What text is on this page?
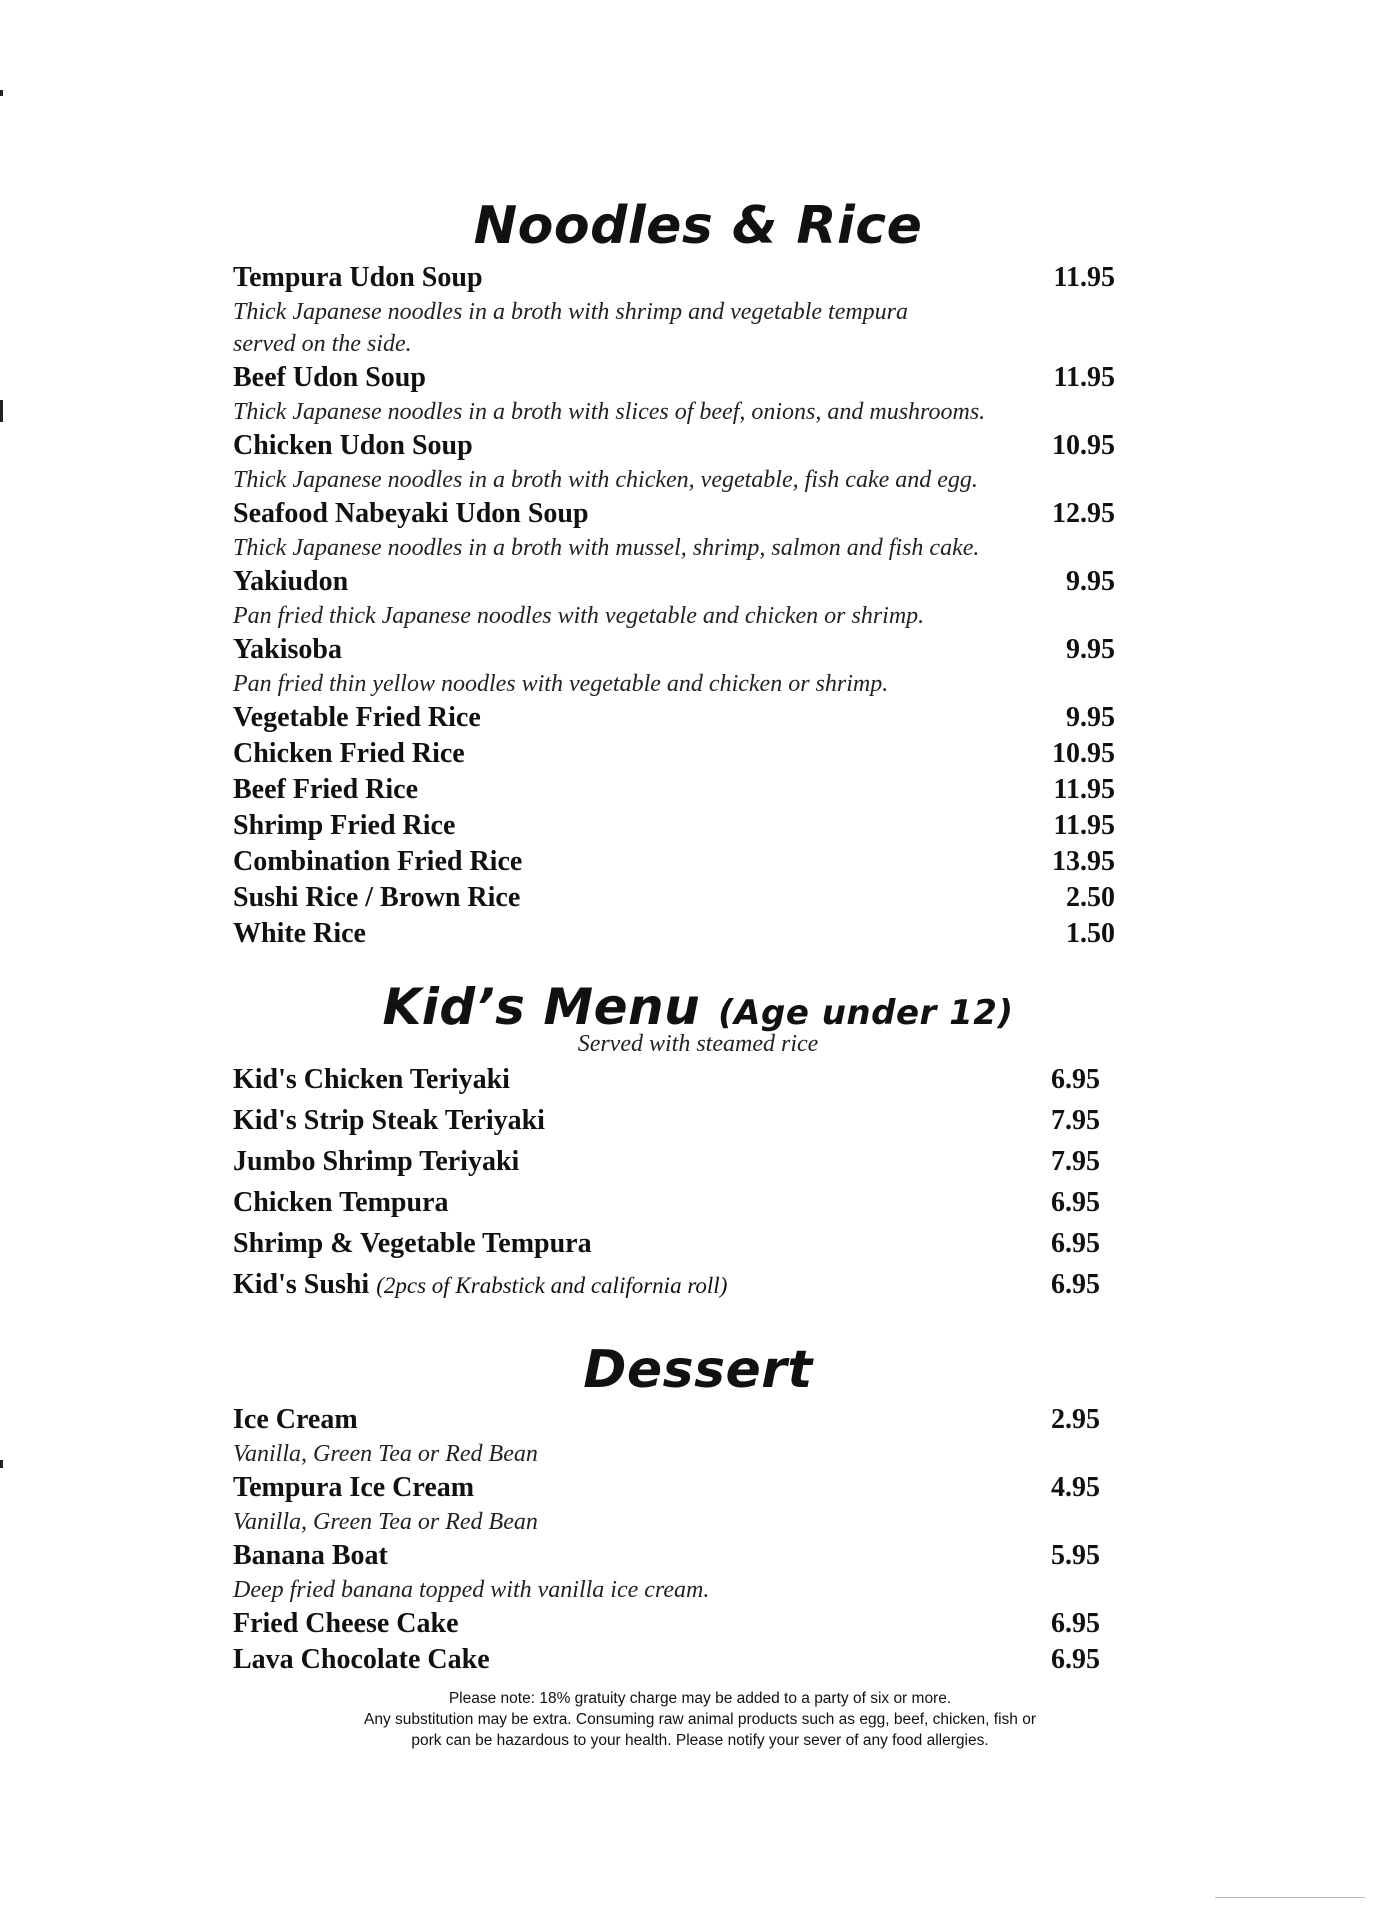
Noodles & Rice
Tempura Udon Soup	11.95
Thick Japanese noodles in a broth with shrimp and vegetable tempura
served on the side.
Beef Udon Soup	11.95
Thick Japanese noodles in a broth with slices of beef, onions, and mushrooms.
Chicken Udon Soup	10.95
Thick Japanese noodles in a broth with chicken, vegetable, fish cake and egg.
Seafood Nabeyaki Udon Soup	12.95
Thick Japanese noodles in a broth with mussel, shrimp, salmon and fish cake.
Yakiudon	9.95
Pan fried thick Japanese noodles with vegetable and chicken or shrimp.
Yakisoba	9.95
Pan fried thin yellow noodles with vegetable and chicken or shrimp.
Vegetable Fried Rice	9.95
Chicken Fried Rice	10.95
Beef Fried Rice	11.95
Shrimp Fried Rice	11.95
Combination Fried Rice	13.95
Sushi Rice / Brown Rice	2.50
White Rice	1.50
Kid’s Menu (Age under 12)
Served with steamed rice
Kid's Chicken Teriyaki	6.95
Kid's Strip Steak Teriyaki	7.95
Jumbo Shrimp Teriyaki	7.95
Chicken Tempura	6.95
Shrimp & Vegetable Tempura	6.95
Kid's Sushi (2pcs of Krabstick and california roll)	6.95
Dessert
Ice Cream	2.95
Vanilla, Green Tea or Red Bean
Tempura Ice Cream	4.95
Vanilla, Green Tea or Red Bean
Banana Boat	5.95
Deep fried banana topped with vanilla ice cream.
Fried Cheese Cake	6.95
Lava Chocolate Cake	6.95
Please note: 18% gratuity charge may be added to a party of six or more.
Any substitution may be extra. Consuming raw animal products such as egg, beef, chicken, fish or
pork can be hazardous to your health. Please notify your sever of any food allergies.
